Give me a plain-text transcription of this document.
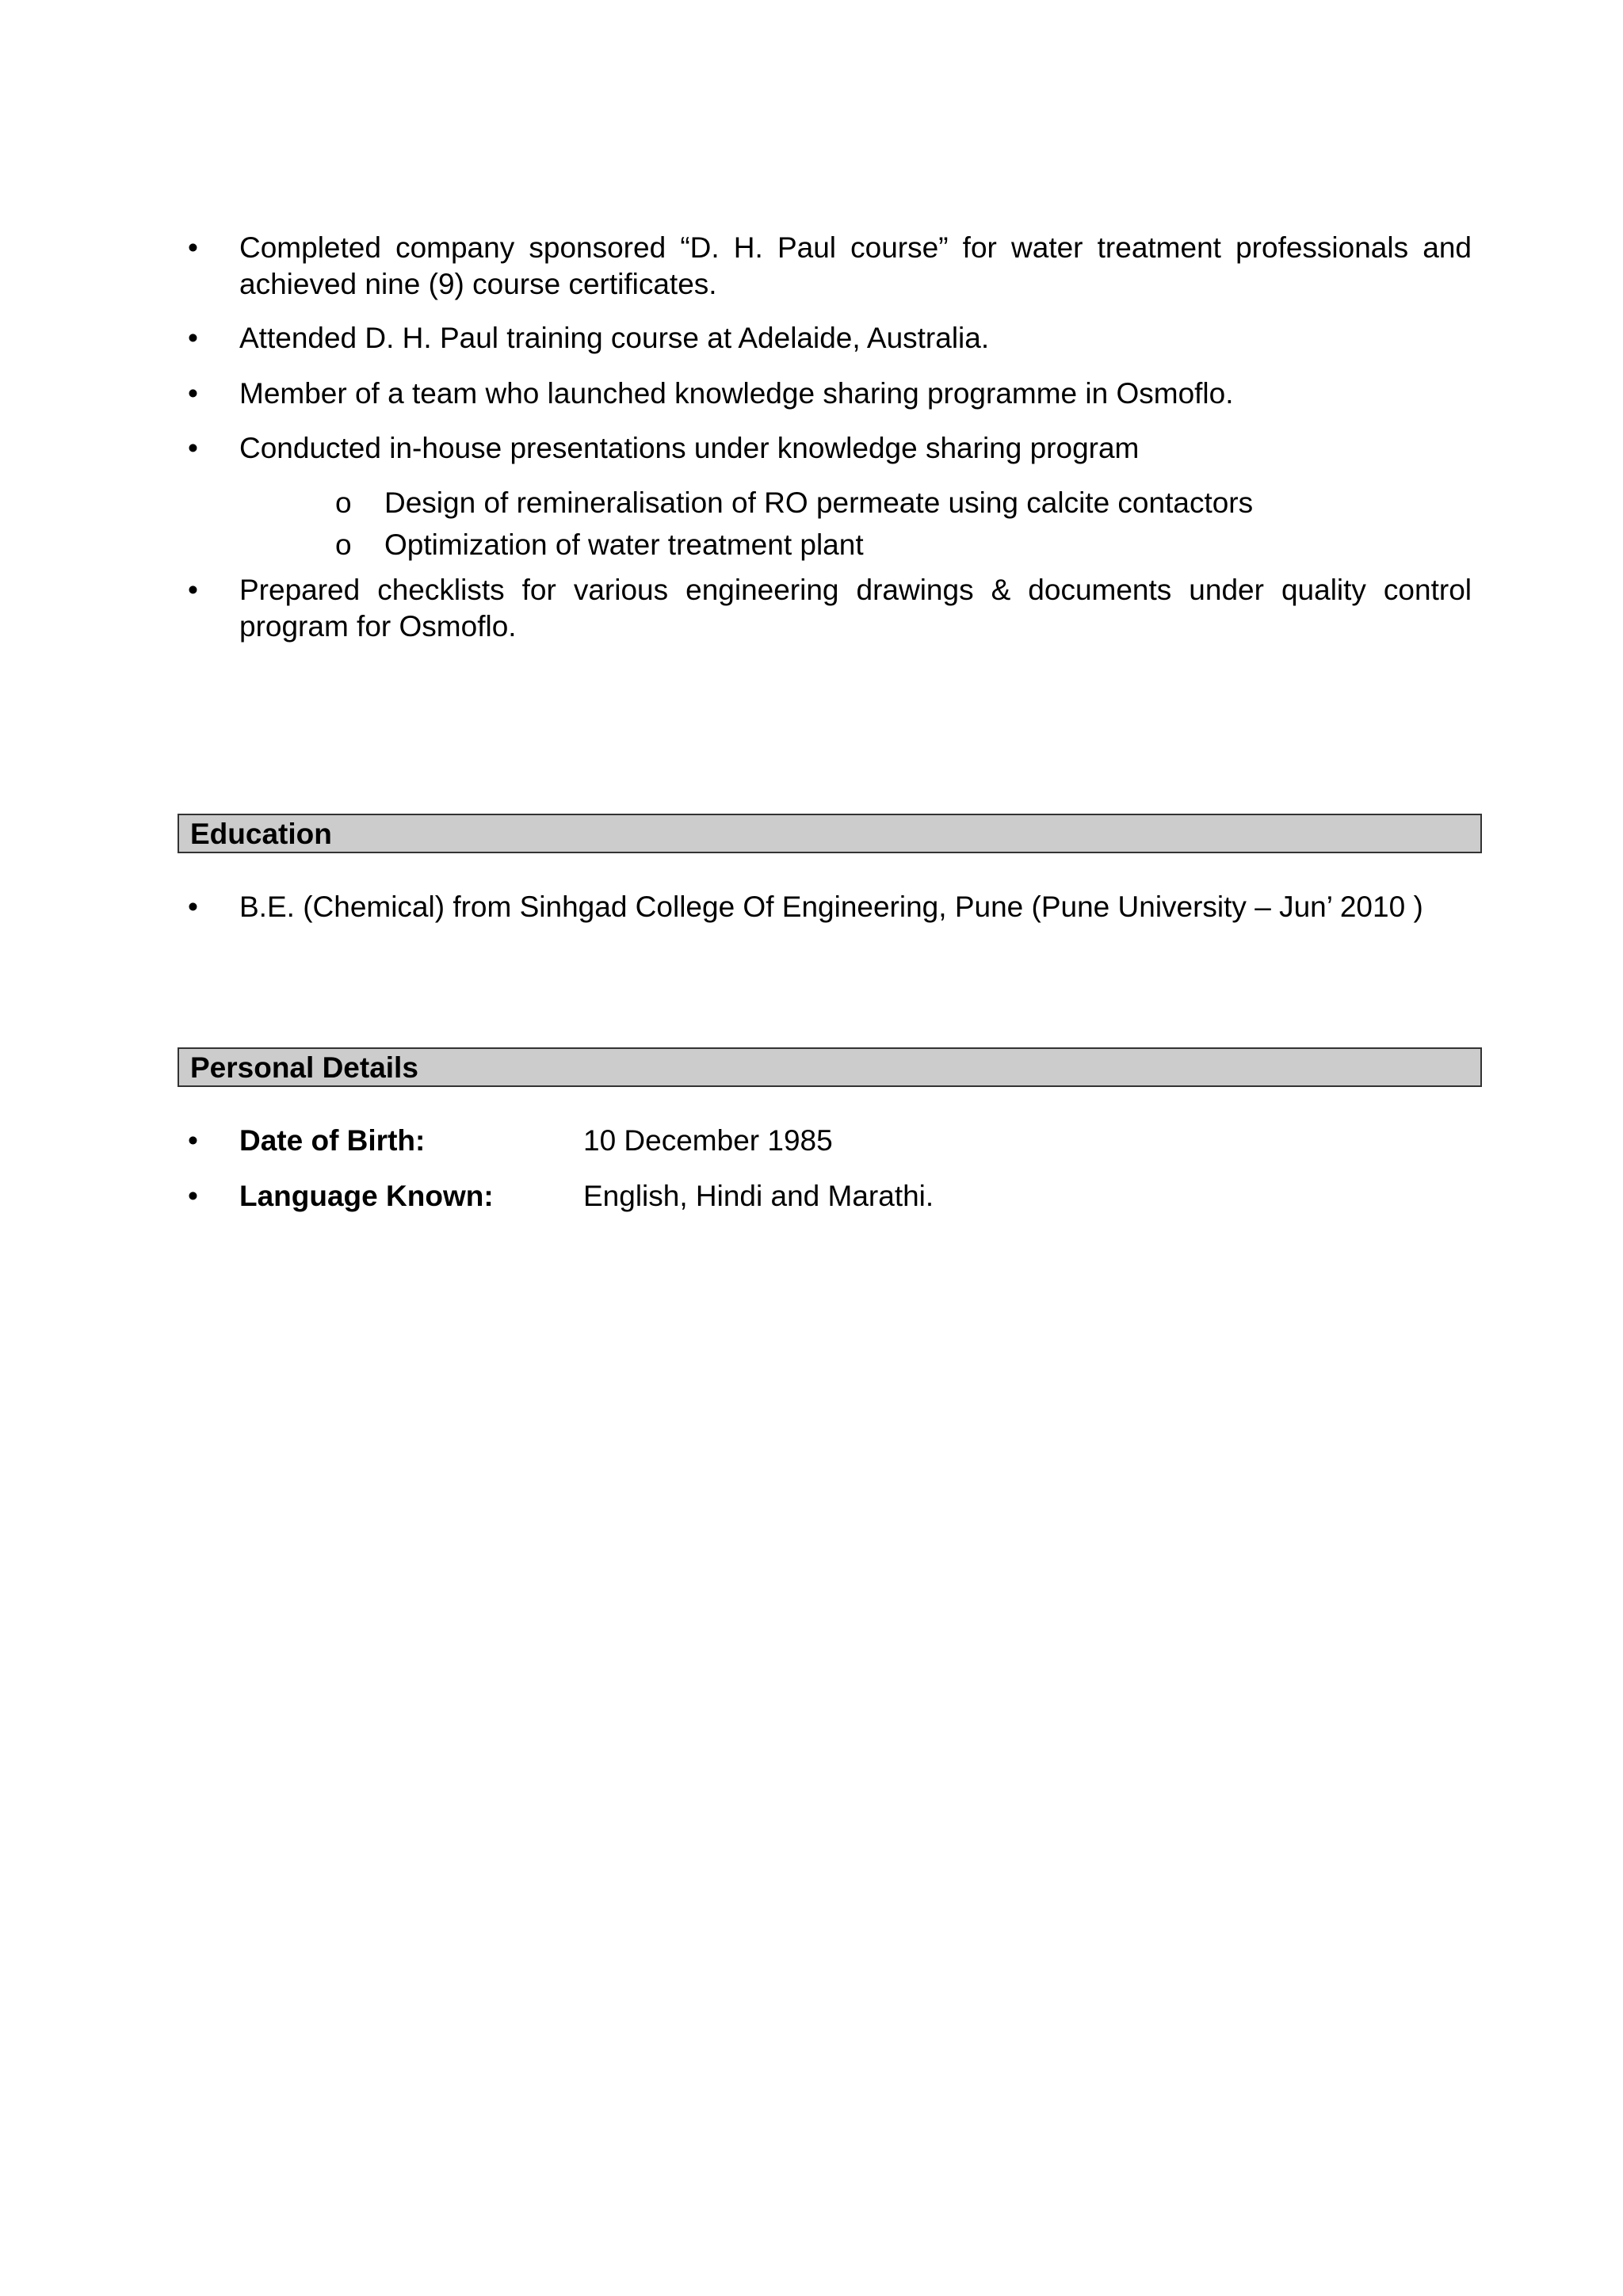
• Completed company sponsored “D. H. Paul course” for water treatment professionals and achieved nine (9) course certificates.
• Attended D. H. Paul training course at Adelaide, Australia.
• Member of a team who launched knowledge sharing programme in Osmoflo.
• Conducted in-house presentations under knowledge sharing program
o Design of remineralisation of RO permeate using calcite contactors
o Optimization of water treatment plant
• Prepared checklists for various engineering drawings & documents under quality control program for Osmoflo.
Education
• B.E. (Chemical) from Sinhgad College Of Engineering, Pune (Pune University – Jun’ 2010 )
Personal Details
• Date of Birth:	10 December 1985
• Language Known:	English, Hindi and Marathi.
